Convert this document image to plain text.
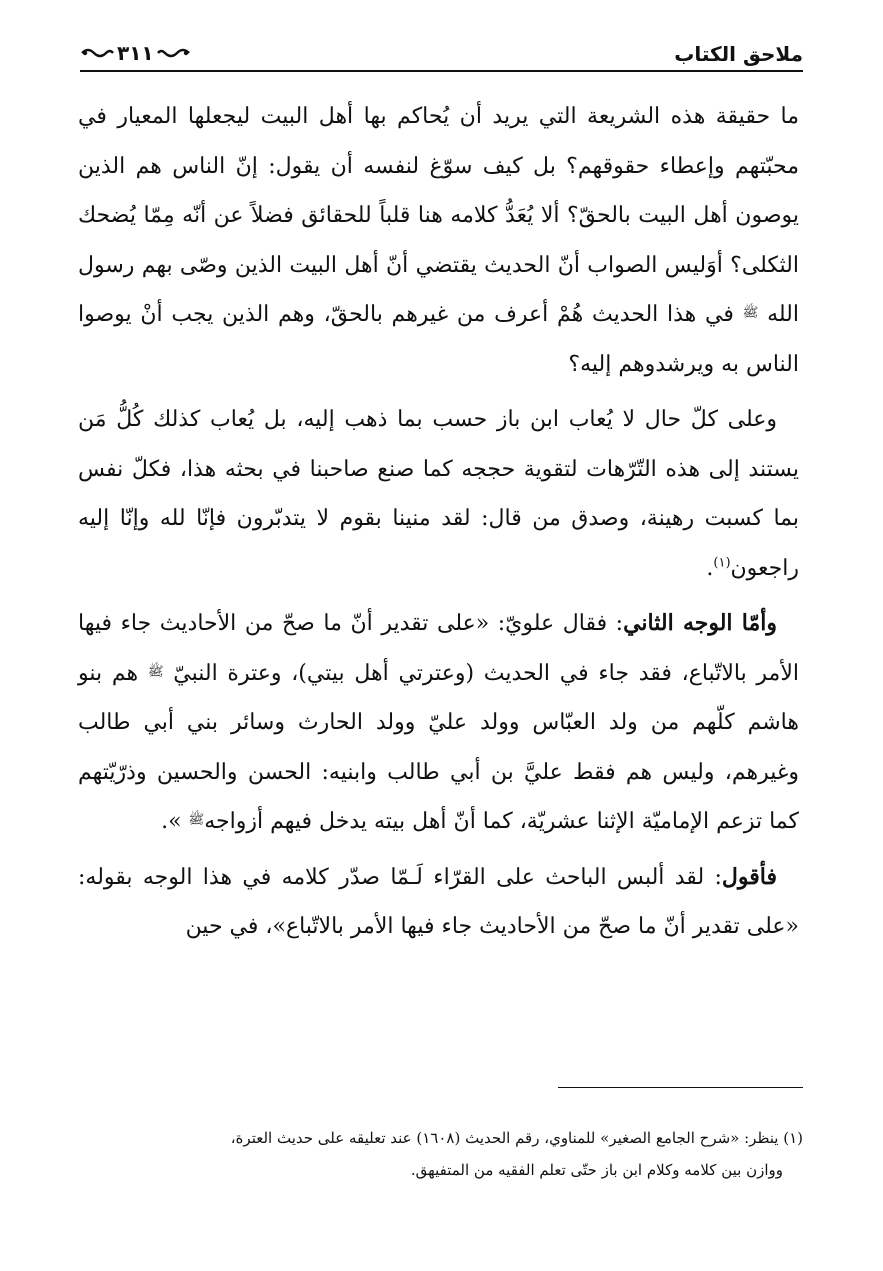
ملاحق الكتاب
٣١١

ما حقيقة هذه الشريعة التي يريد أن يُحاكم بها أهل البيت ليجعلها المعيار في محبّتهم وإعطاء حقوقهم؟ بل كيف سوّغ لنفسه أن يقول: إنّ الناس هم الذين يوصون أهل البيت بالحقّ؟ ألا يُعَدُّ كلامه هنا قلباً للحقائق فضلاً عن أنّه مِمّا يُضحك الثكلى؟ أوَليس الصواب أنّ الحديث يقتضي أنّ أهل البيت الذين وصّى بهم رسول الله $^ﷺ$ في هذا الحديث هُمْ أعرف من غيرهم بالحقّ، وهم الذين يجب أنْ يوصوا الناس به ويرشدوهم إليه؟

وعلى كلّ حال لا يُعاب ابن باز حسب بما ذهب إليه، بل يُعاب كذلك كُلُّ مَن يستند إلى هذه التّرّهات لتقوية حججه كما صنع صاحبنا في بحثه هذا، فكلّ نفس بما كسبت رهينة، وصدق من قال: لقد منينا بقوم لا يتدبّرون فإنّا لله وإنّا إليه راجعون$^{(١)}$.

وأمّا الوجه الثاني: فقال علويّ: «على تقدير أنّ ما صحّ من الأحاديث جاء فيها الأمر بالاتّباع، فقد جاء في الحديث (وعترتي أهل بيتي)، وعترة النبيّ $^ﷺ$ هم بنو هاشم كلّهم من ولد العبّاس وولد عليّ وولد الحارث وسائر بني أبي طالب وغيرهم، وليس هم فقط عليَّ بن أبي طالب وابنيه: الحسن والحسين وذرّيّتهم كما تزعم الإماميّة الإثنا عشريّة، كما أنّ أهل بيته يدخل فيهم أزواجه$^ﷺ$ ».

فأقول: لقد ألبس الباحث على القرّاء لَـمّا صدّر كلامه في هذا الوجه بقوله: «على تقدير أنّ ما صحّ من الأحاديث جاء فيها الأمر بالاتّباع»، في حين

(١) ينظر: «شرح الجامع الصغير» للمناوي، رقم الحديث (١٦٠٨) عند تعليقه على حديث العترة،
ووازن بين كلامه وكلام ابن باز حتّى تعلم الفقيه من المتفيهق.
